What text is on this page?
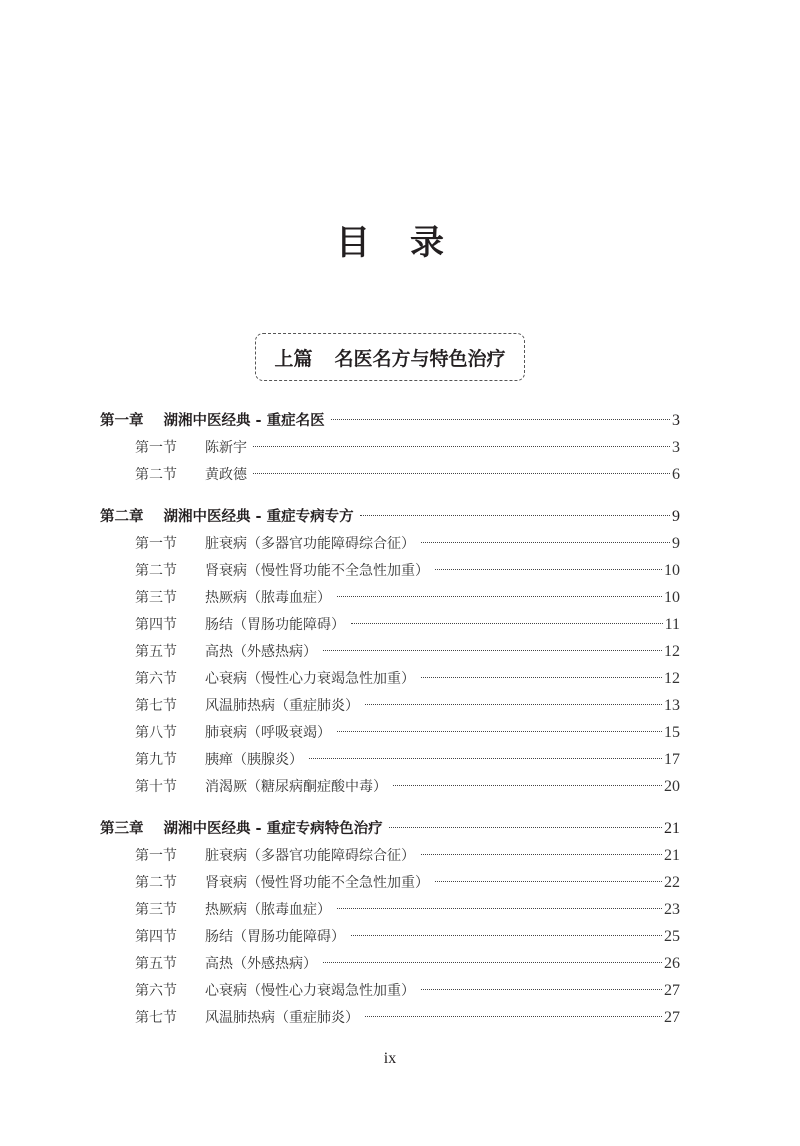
目 录
上篇 名医名方与特色治疗
第一章 湖湘中医经典 - 重症名医	3
第一节	陈新宇	3
第二节	黄政德	6
第二章 湖湘中医经典 - 重症专病专方	9
第一节	脏衰病（多器官功能障碍综合征）	9
第二节	肾衰病（慢性肾功能不全急性加重）	10
第三节	热厥病（脓毒血症）	10
第四节	肠结（胃肠功能障碍）	11
第五节	高热（外感热病）	12
第六节	心衰病（慢性心力衰竭急性加重）	12
第七节	风温肺热病（重症肺炎）	13
第八节	肺衰病（呼吸衰竭）	15
第九节	胰瘅（胰腺炎）	17
第十节	消渴厥（糖尿病酮症酸中毒）	20
第三章 湖湘中医经典 - 重症专病特色治疗	21
第一节	脏衰病（多器官功能障碍综合征）	21
第二节	肾衰病（慢性肾功能不全急性加重）	22
第三节	热厥病（脓毒血症）	23
第四节	肠结（胃肠功能障碍）	25
第五节	高热（外感热病）	26
第六节	心衰病（慢性心力衰竭急性加重）	27
第七节	风温肺热病（重症肺炎）	27
ix
